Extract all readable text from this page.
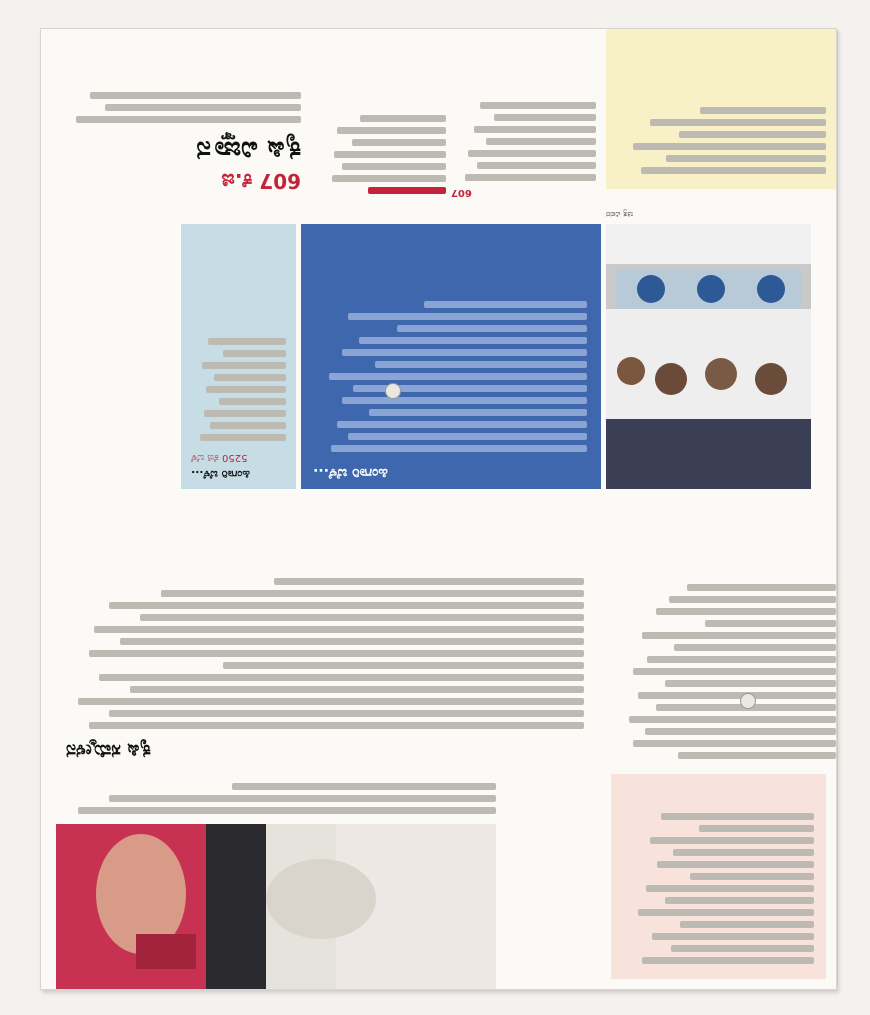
ಕೃಷಿ ಸಮ್ಮೇಳನ
ಚಿತ್ರ ವಿವರ
ಹಿಂಗಾರಿ ಬೆಳೆ...
ಹಿಂಗಾರಿ ಬೆಳೆ...
5250 ಕೆಜಿ ಬೆಳೆ
607
607 ಕೆ.ಜಿ
ಕೃಷಿ ವಿಜ್ಞಾನ
